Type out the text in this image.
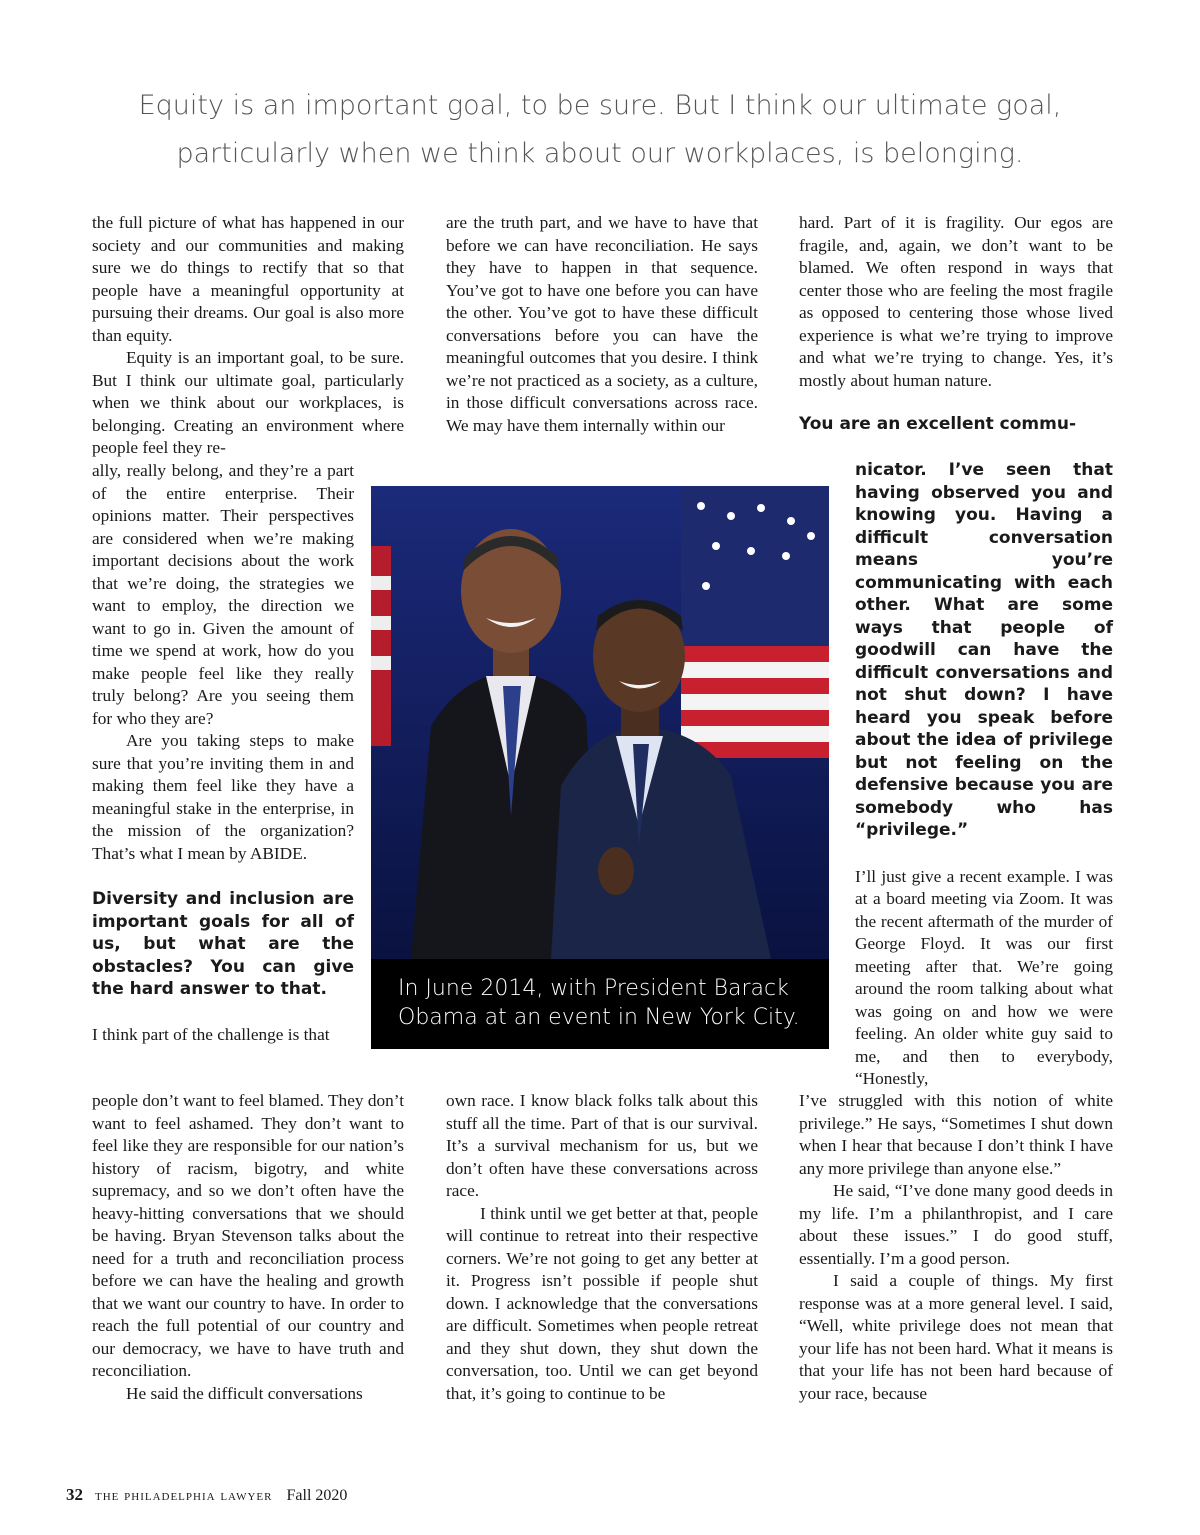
Equity is an important goal, to be sure. But I think our ultimate goal,

particularly when we think about our workplaces, is belonging.

the full picture of what has happened in our society and our communities and making sure we do things to rectify that so that people have a meaningful opportunity at pursuing their dreams. Our goal is also more than equity.

Equity is an important goal, to be sure. But I think our ultimate goal, particularly when we think about our workplaces, is belonging. Creating an environment where people feel they re-

ally, really belong, and they’re a part of the entire enterprise. Their opinions matter. Their perspectives are considered when we’re making important decisions about the work that we’re doing, the strategies we want to employ, the direction we want to go in. Given the amount of time we spend at work, how do you make people feel like they really truly belong? Are you seeing them for who they are?

Are you taking steps to make sure that you’re inviting them in and making them feel like they have a meaningful stake in the enterprise, in the mission of the organization? That’s what I mean by ABIDE.

Diversity and inclusion are important goals for all of us, but what are the obstacles? You can give the hard answer to that.

I think part of the challenge is that

people don’t want to feel blamed. They don’t want to feel ashamed. They don’t want to feel like they are responsible for our nation’s history of racism, bigotry, and white supremacy, and so we don’t often have the heavy-hitting conversations that we should be having. Bryan Stevenson talks about the need for a truth and reconciliation process before we can have the healing and growth that we want our country to have. In order to reach the full potential of our country and our democracy, we have to have truth and reconciliation.

He said the difficult conversations

are the truth part, and we have to have that before we can have reconciliation. He says they have to happen in that sequence. You’ve got to have one before you can have the other. You’ve got to have these difficult conversations before you can have the meaningful outcomes that you desire. I think we’re not practiced as a society, as a culture, in those difficult conversations across race. We may have them internally within our

own race. I know black folks talk about this stuff all the time. Part of that is our survival. It’s a survival mechanism for us, but we don’t often have these conversations across race.

I think until we get better at that, people will continue to retreat into their respective corners. We’re not going to get any better at it. Progress isn’t possible if people shut down. I acknowledge that the conversations are difficult. Sometimes when people retreat and they shut down, they shut down the conversation, too. Until we can get beyond that, it’s going to continue to be

hard. Part of it is fragility. Our egos are fragile, and, again, we don’t want to be blamed. We often respond in ways that center those who are feeling the most fragile as opposed to centering those whose lived experience is what we’re trying to improve and what we’re trying to change. Yes, it’s mostly about human nature.

You are an excellent commu-

nicator. I’ve seen that having observed you and knowing you. Having a difficult conversation means you’re communicating with each other. What are some ways that people of goodwill can have the difficult conversations and not shut down? I have heard you speak before about the idea of privilege but not feeling on the defensive because you are somebody who has “privilege.”

I’ll just give a recent example. I was at a board meeting via Zoom. It was the recent aftermath of the murder of George Floyd. It was our first meeting after that. We’re going around the room talking about what was going on and how we were feeling. An older white guy said to me, and then to everybody, “Honestly,

I’ve struggled with this notion of white privilege.” He says, “Sometimes I shut down when I hear that because I don’t think I have any more privilege than anyone else.”

He said, “I’ve done many good deeds in my life. I’m a philanthropist, and I care about these issues.” I do good stuff, essentially. I’m a good person.

I said a couple of things. My first response was at a more general level. I said, “Well, white privilege does not mean that your life has not been hard. What it means is that your life has not been hard because of your race, because

In June 2014, with President Barack Obama at an event in New York City.
32 the philadelphia lawyer Fall 2020
